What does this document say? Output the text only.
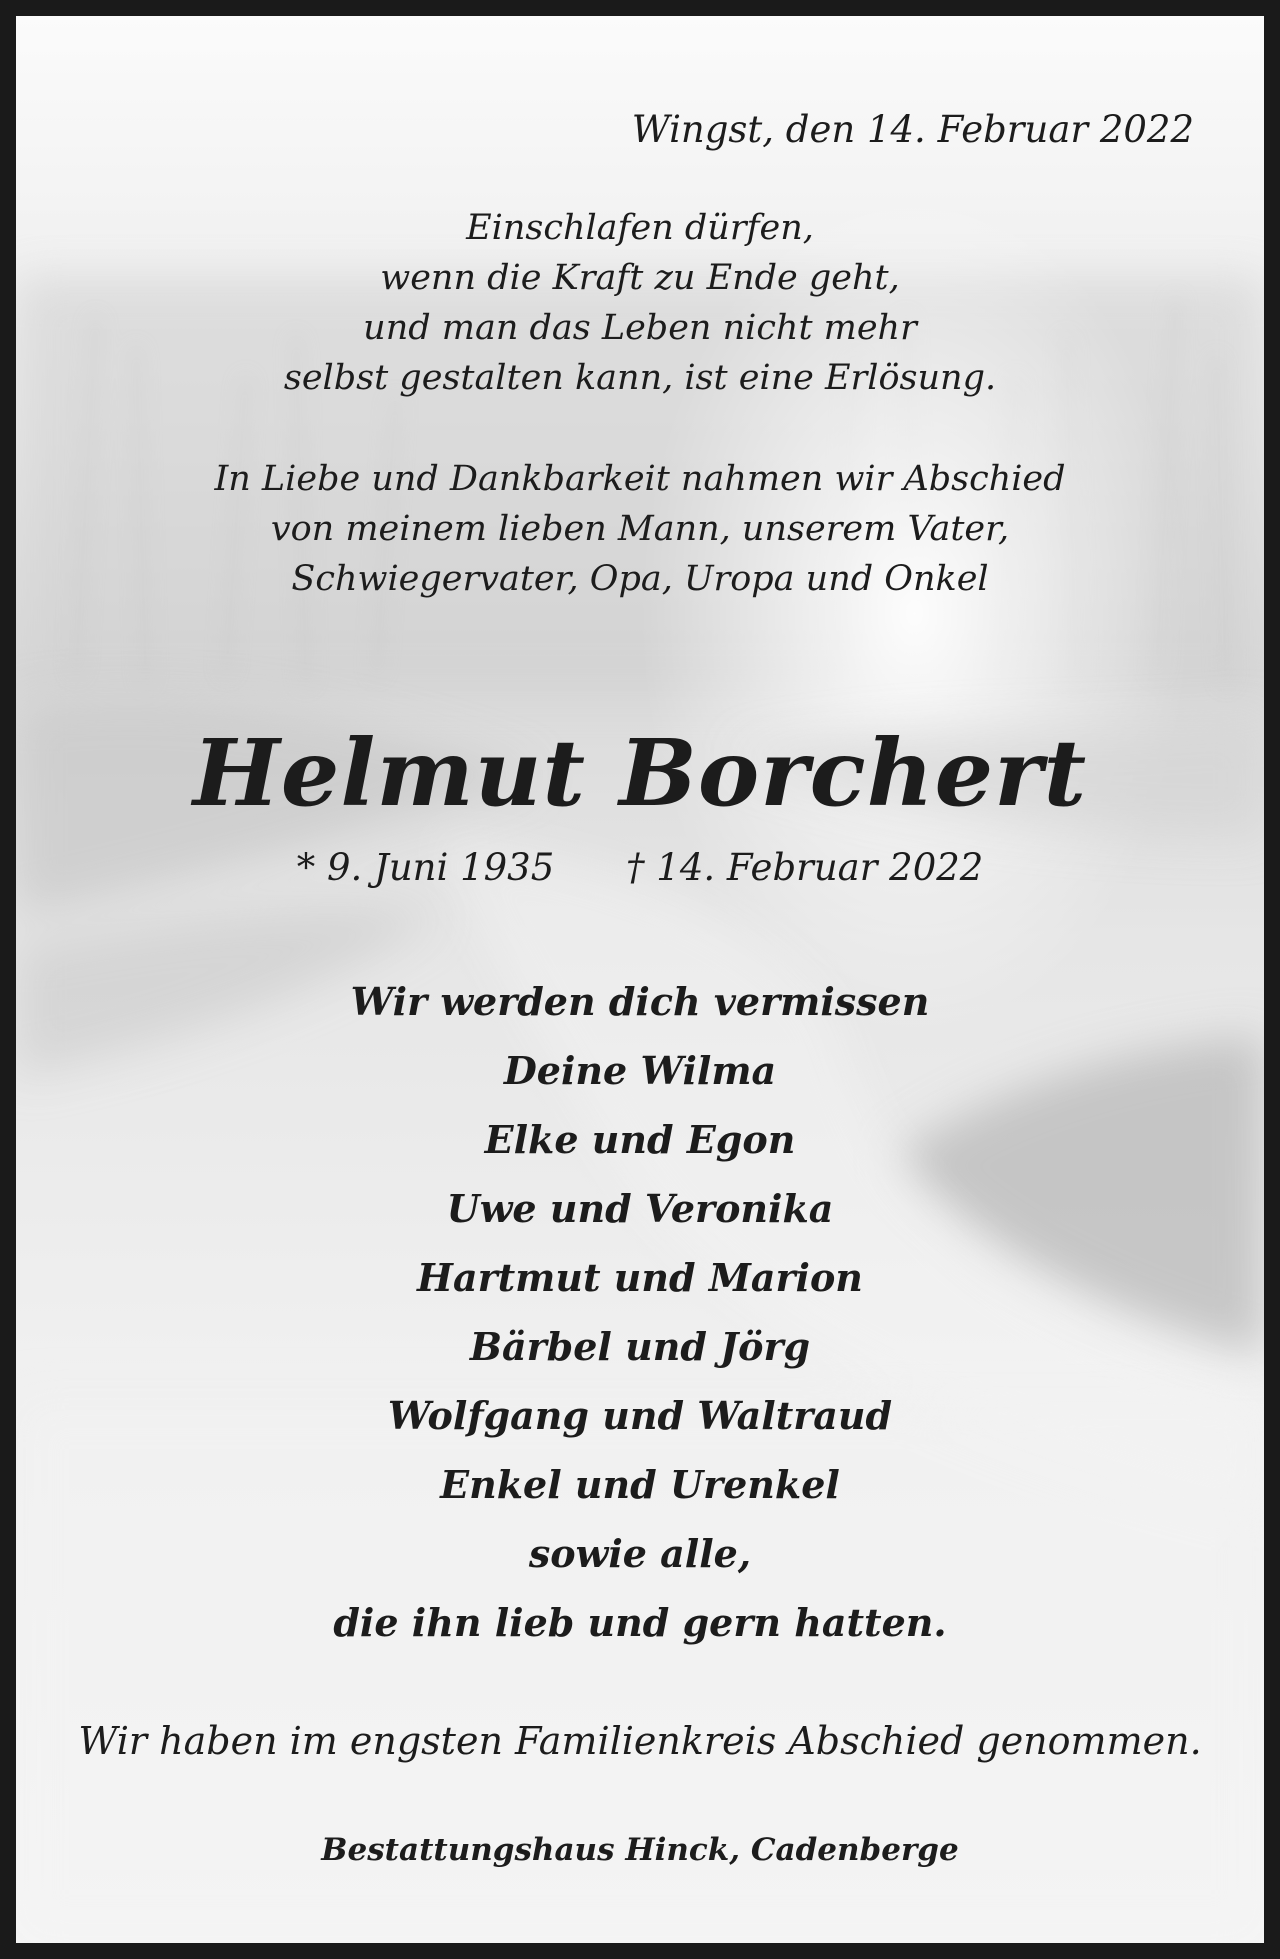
Wingst, den 14. Februar 2022
Einschlafen dürfen,
wenn die Kraft zu Ende geht,
und man das Leben nicht mehr
selbst gestalten kann, ist eine Erlösung.
In Liebe und Dankbarkeit nahmen wir Abschied
von meinem lieben Mann, unserem Vater,
Schwiegervater, Opa, Uropa und Onkel
Helmut Borchert
* 9. Juni 1935 † 14. Februar 2022
Wir werden dich vermissen
Deine Wilma
Elke und Egon
Uwe und Veronika
Hartmut und Marion
Bärbel und Jörg
Wolfgang und Waltraud
Enkel und Urenkel
sowie alle,
die ihn lieb und gern hatten.
Wir haben im engsten Familienkreis Abschied genommen.
Bestattungshaus Hinck, Cadenberge
